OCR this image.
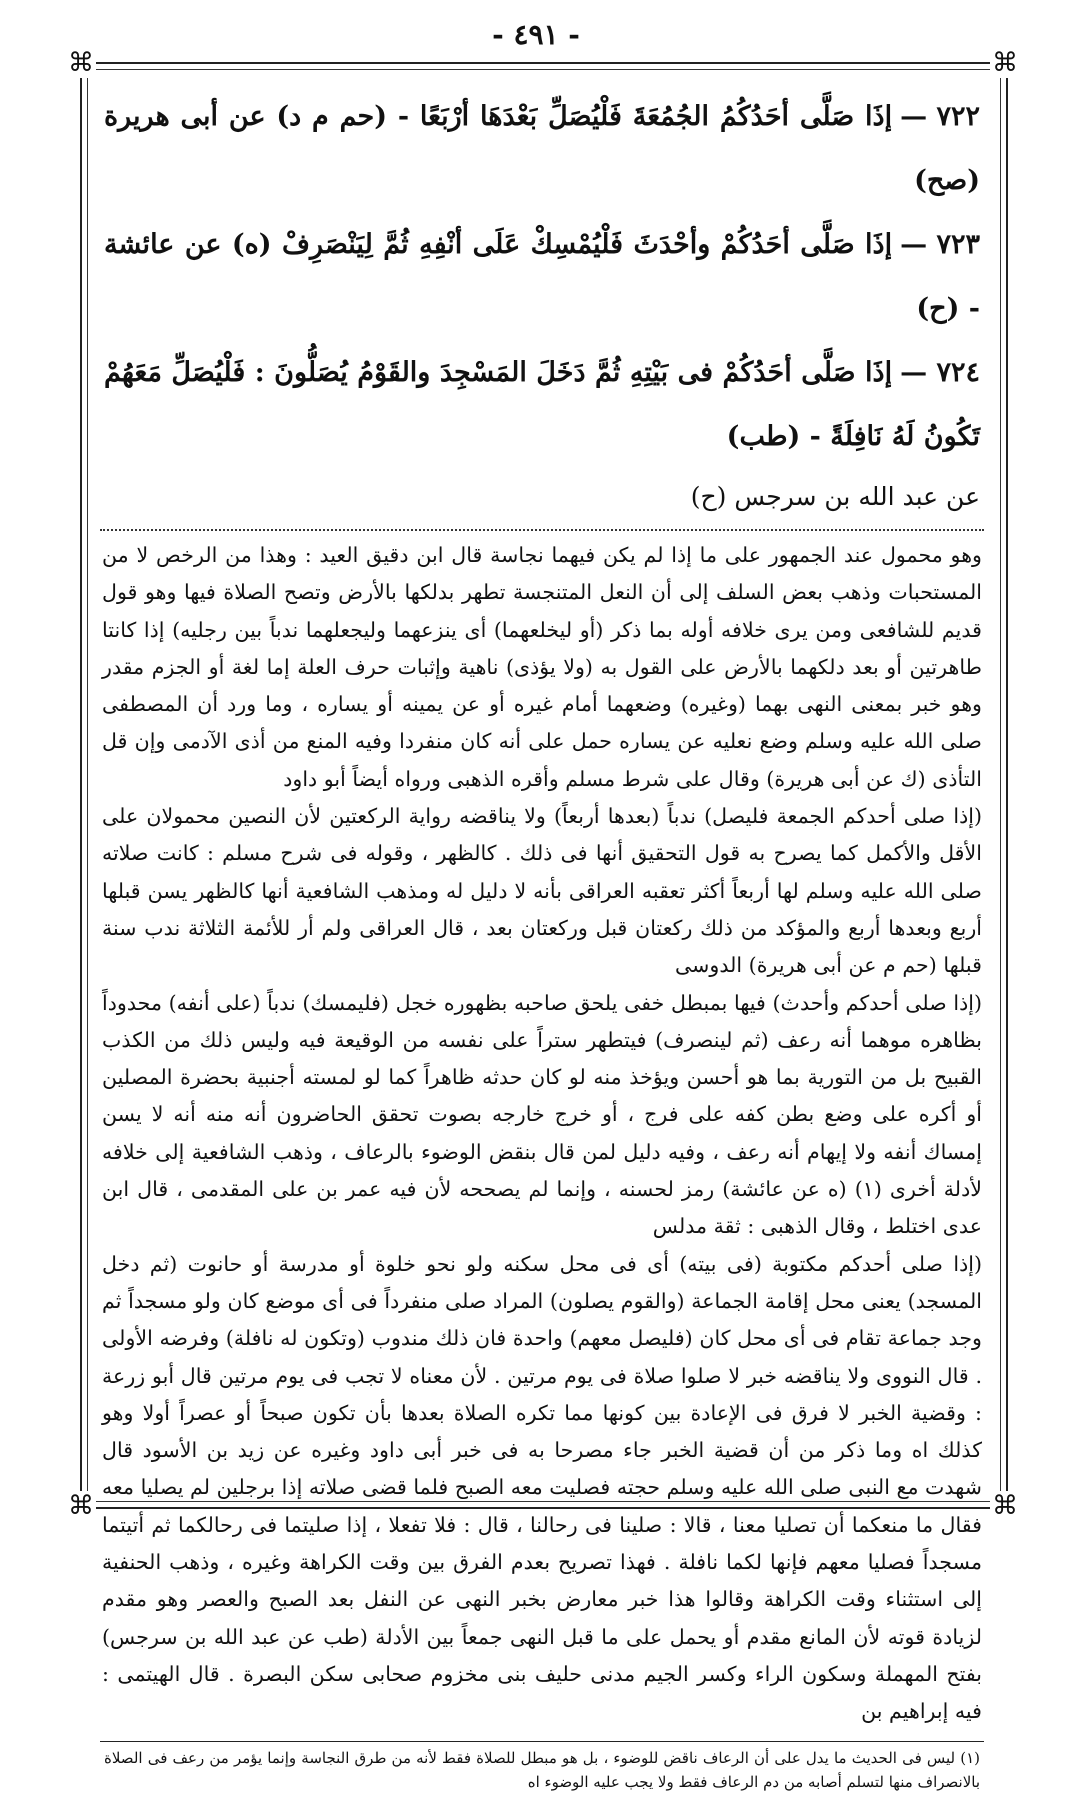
⌘	⌘
⌘	⌘
- ٤٩١ -
٧٢٢ —إذَا صَلَّى أحَدُكُمُ الجُمُعَةَ فَلْيُصَلِّ بَعْدَهَا أرْبَعًا - (حم م د) عن أبى هريرة (صح)
٧٢٣ —إذَا صَلَّى أحَدُكُمْ وأحْدَثَ فَلْيُمْسِكْ عَلَى أنْفِهِ ثُمَّ لِيَنْصَرِفْ (ه) عن عائشة - (ح)
٧٢٤ —إذَا صَلَّى أحَدُكُمْ فى بَيْتِهِ ثُمَّ دَخَلَ المَسْجِدَ والقَوْمُ يُصَلُّونَ : فَلْيُصَلِّ مَعَهُمْ تَكُونُ لَهُ نَافِلَةً - (طب)

عن عبد الله بن سرجس (ح)

وهو محمول عند الجمهور على ما إذا لم يكن فيهما نجاسة قال ابن دقيق العيد : وهذا من الرخص لا من المستحبات وذهب بعض السلف إلى أن النعل المتنجسة تطهر بدلكها بالأرض وتصح الصلاة فيها وهو قول قديم للشافعى ومن يرى خلافه أوله بما ذكر (أو ليخلعهما) أى ينزعهما وليجعلهما ندباً بين رجليه) إذا كانتا طاهرتين أو بعد دلكهما بالأرض على القول به (ولا يؤذى) ناهية وإثبات حرف العلة إما لغة أو الجزم مقدر وهو خبر بمعنى النهى بهما (وغيره) وضعهما أمام غيره أو عن يمينه أو يساره ، وما ورد أن المصطفى صلى الله عليه وسلم وضع نعليه عن يساره حمل على أنه كان منفردا وفيه المنع من أذى الآدمى وإن قل التأذى (ك عن أبى هريرة) وقال على شرط مسلم وأقره الذهبى ورواه أيضاً أبو داود

(إذا صلى أحدكم الجمعة فليصل) ندباً (بعدها أربعاً) ولا يناقضه رواية الركعتين لأن النصين محمولان على الأقل والأكمل كما يصرح به قول التحقيق أنها فى ذلك . كالظهر ، وقوله فى شرح مسلم : كانت صلاته صلى الله عليه وسلم لها أربعاً أكثر تعقبه العراقى بأنه لا دليل له ومذهب الشافعية أنها كالظهر يسن قبلها أربع وبعدها أربع والمؤكد من ذلك ركعتان قبل وركعتان بعد ، قال العراقى ولم أر للأئمة الثلاثة ندب سنة قبلها (حم م عن أبى هريرة) الدوسى

(إذا صلى أحدكم وأحدث) فيها بمبطل خفى يلحق صاحبه بظهوره خجل (فليمسك) ندباً (على أنفه) محدوداً بظاهره موهما أنه رعف (ثم لينصرف) فيتطهر ستراً على نفسه من الوقيعة فيه وليس ذلك من الكذب القبيح بل من التورية بما هو أحسن ويؤخذ منه لو كان حدثه ظاهراً كما لو لمسته أجنبية بحضرة المصلين أو أكره على وضع بطن كفه على فرج ، أو خرج خارجه بصوت تحقق الحاضرون أنه منه أنه لا يسن إمساك أنفه ولا إيهام أنه رعف ، وفيه دليل لمن قال بنقض الوضوء بالرعاف ، وذهب الشافعية إلى خلافه لأدلة أخرى (١) (ه عن عائشة) رمز لحسنه ، وإنما لم يصححه لأن فيه عمر بن على المقدمى ، قال ابن عدى اختلط ، وقال الذهبى : ثقة مدلس

(إذا صلى أحدكم مكتوبة (فى بيته) أى فى محل سكنه ولو نحو خلوة أو مدرسة أو حانوت (ثم دخل المسجد) يعنى محل إقامة الجماعة (والقوم يصلون) المراد صلى منفرداً فى أى موضع كان ولو مسجداً ثم وجد جماعة تقام فى أى محل كان (فليصل معهم) واحدة فان ذلك مندوب (وتكون له نافلة) وفرضه الأولى . قال النووى ولا يناقضه خبر لا صلوا صلاة فى يوم مرتين . لأن معناه لا تجب فى يوم مرتين قال أبو زرعة : وقضية الخبر لا فرق فى الإعادة بين كونها مما تكره الصلاة بعدها بأن تكون صبحاً أو عصراً أولا وهو كذلك اه وما ذكر من أن قضية الخبر جاء مصرحا به فى خبر أبى داود وغيره عن زيد بن الأسود قال شهدت مع النبى صلى الله عليه وسلم حجته فصليت معه الصبح فلما قضى صلاته إذا برجلين لم يصليا معه فقال ما منعكما أن تصليا معنا ، قالا : صلينا فى رحالنا ، قال : فلا تفعلا ، إذا صليتما فى رحالكما ثم أتيتما مسجداً فصليا معهم فإنها لكما نافلة . فهذا تصريح بعدم الفرق بين وقت الكراهة وغيره ، وذهب الحنفية إلى استثناء وقت الكراهة وقالوا هذا خبر معارض بخبر النهى عن النفل بعد الصبح والعصر وهو مقدم لزيادة قوته لأن المانع مقدم أو يحمل على ما قبل النهى جمعاً بين الأدلة (طب عن عبد الله بن سرجس) بفتح المهملة وسكون الراء وكسر الجيم مدنى حليف بنى مخزوم صحابى سكن البصرة . قال الهيتمى : فيه إبراهيم بن

(١) ليس فى الحديث ما يدل على أن الرعاف ناقض للوضوء ، بل هو مبطل للصلاة فقط لأنه من طرق النجاسة وإنما يؤمر من رعف فى الصلاة بالانصراف منها لتسلم أصابه من دم الرعاف فقط ولا يجب عليه الوضوء اه
